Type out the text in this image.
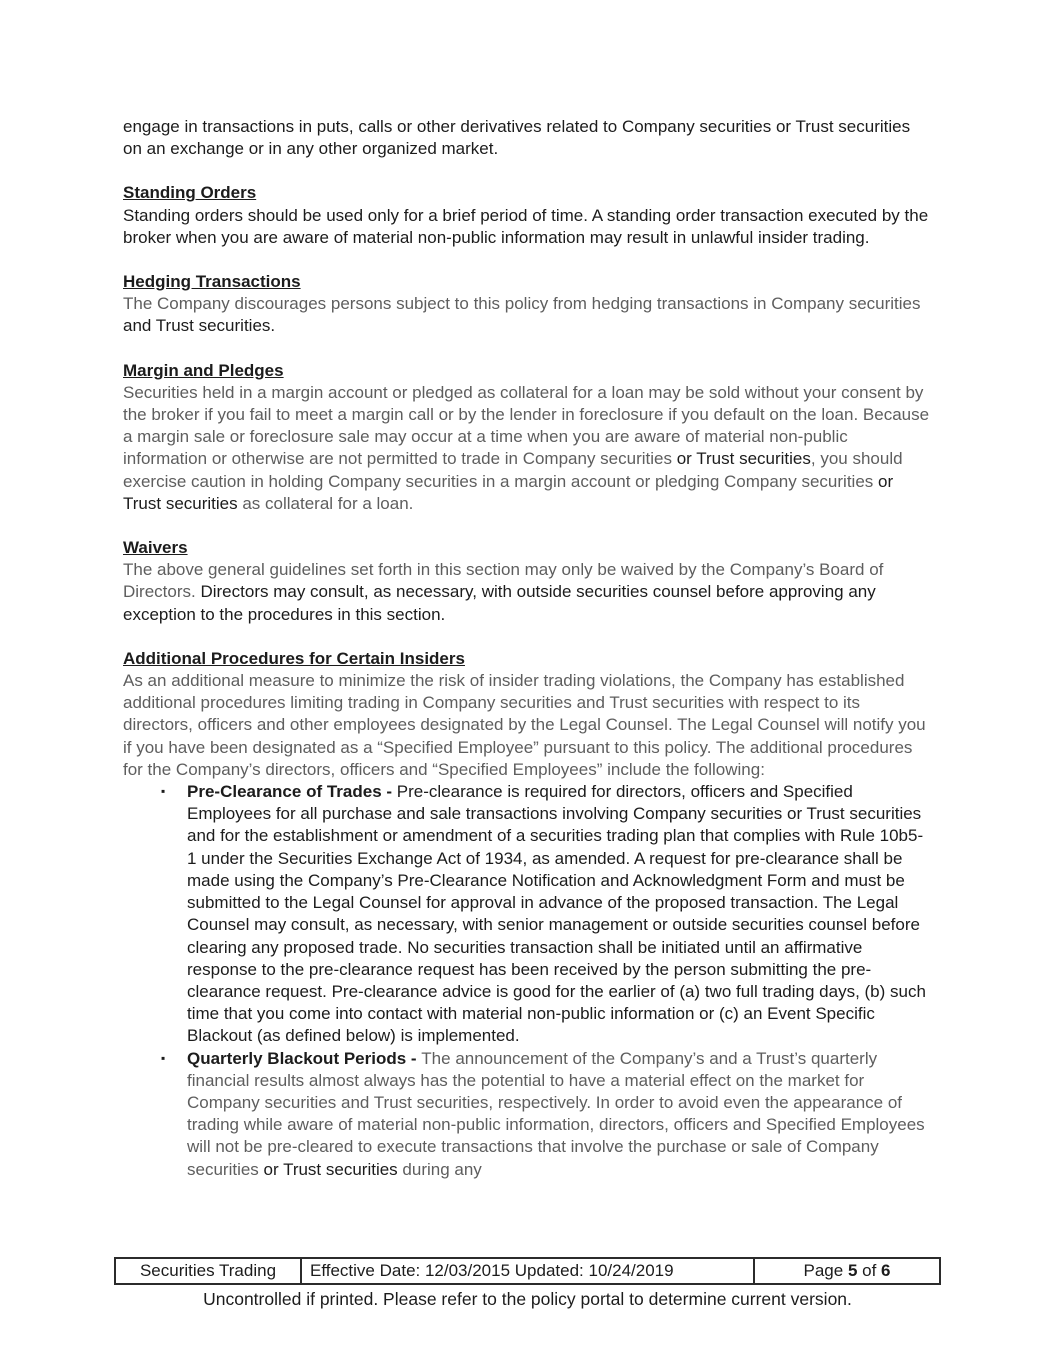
engage in transactions in puts, calls or other derivatives related to Company securities or Trust securities on an exchange or in any other organized market.

Standing Orders

Standing orders should be used only for a brief period of time. A standing order transaction executed by the broker when you are aware of material non-public information may result in unlawful insider trading.

Hedging Transactions

The Company discourages persons subject to this policy from hedging transactions in Company securities and Trust securities.

Margin and Pledges

Securities held in a margin account or pledged as collateral for a loan may be sold without your consent by the broker if you fail to meet a margin call or by the lender in foreclosure if you default on the loan. Because a margin sale or foreclosure sale may occur at a time when you are aware of material non-public information or otherwise are not permitted to trade in Company securities or Trust securities, you should exercise caution in holding Company securities in a margin account or pledging Company securities or Trust securities as collateral for a loan.

Waivers

The above general guidelines set forth in this section may only be waived by the Company’s Board of Directors. Directors may consult, as necessary, with outside securities counsel before approving any exception to the procedures in this section.

Additional Procedures for Certain Insiders

As an additional measure to minimize the risk of insider trading violations, the Company has established additional procedures limiting trading in Company securities and Trust securities with respect to its directors, officers and other employees designated by the Legal Counsel. The Legal Counsel will notify you if you have been designated as a “Specified Employee” pursuant to this policy. The additional procedures for the Company’s directors, officers and “Specified Employees” include the following:

▪ Pre-Clearance of Trades - Pre-clearance is required for directors, officers and Specified Employees for all purchase and sale transactions involving Company securities or Trust securities and for the establishment or amendment of a securities trading plan that complies with Rule 10b5-1 under the Securities Exchange Act of 1934, as amended. A request for pre-clearance shall be made using the Company’s Pre-Clearance Notification and Acknowledgment Form and must be submitted to the Legal Counsel for approval in advance of the proposed transaction. The Legal Counsel may consult, as necessary, with senior management or outside securities counsel before clearing any proposed trade. No securities transaction shall be initiated until an affirmative response to the pre-clearance request has been received by the person submitting the pre-clearance request. Pre-clearance advice is good for the earlier of (a) two full trading days, (b) such time that you come into contact with material non-public information or (c) an Event Specific Blackout (as defined below) is implemented.
▪ Quarterly Blackout Periods - The announcement of the Company’s and a Trust’s quarterly financial results almost always has the potential to have a material effect on the market for Company securities and Trust securities, respectively. In order to avoid even the appearance of trading while aware of material non-public information, directors, officers and Specified Employees will not be pre-cleared to execute transactions that involve the purchase or sale of Company securities or Trust securities during any
Securities Trading	Effective Date: 12/03/2015 Updated: 10/24/2019	Page 5 of 6

Uncontrolled if printed. Please refer to the policy portal to determine current version.
